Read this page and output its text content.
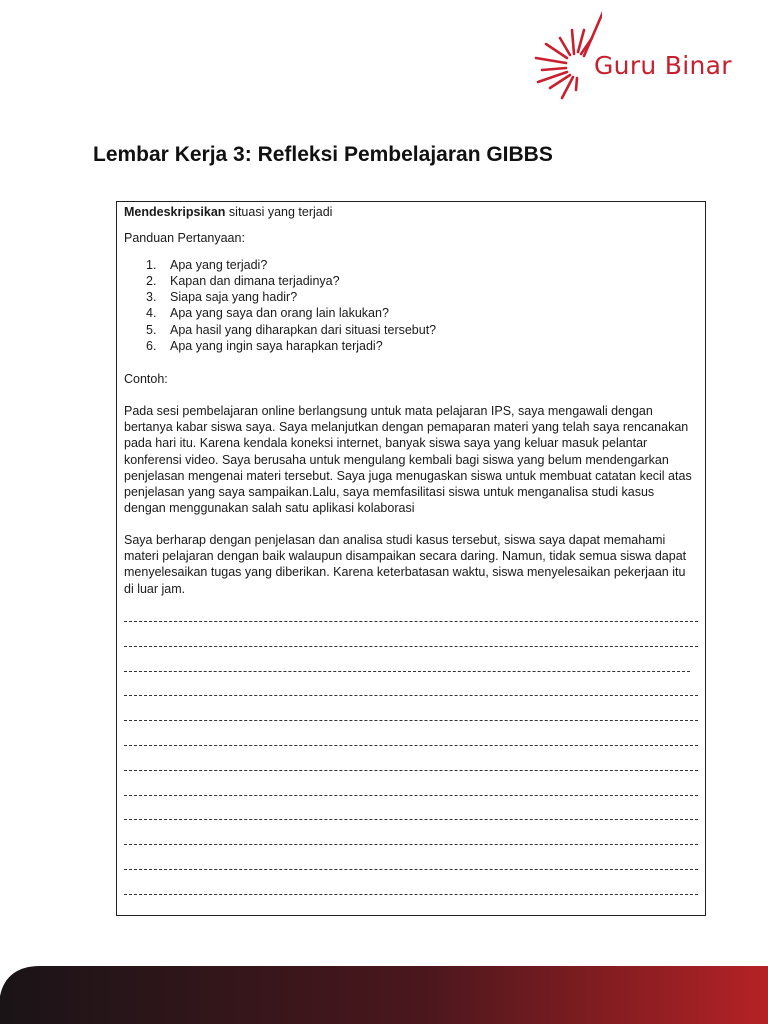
Guru Binar
Lembar Kerja 3: Refleksi Pembelajaran GIBBS

Mendeskripsikan situasi yang terjadi

Panduan Pertanyaan:

1. Apa yang terjadi?
2. Kapan dan dimana terjadinya?
3. Siapa saja yang hadir?
4. Apa yang saya dan orang lain lakukan?
5. Apa hasil yang diharapkan dari situasi tersebut?
6. Apa yang ingin saya harapkan terjadi?

Contoh:

Pada sesi pembelajaran online berlangsung untuk mata pelajaran IPS, saya mengawali dengan bertanya kabar siswa saya. Saya melanjutkan dengan pemaparan materi yang telah saya rencanakan pada hari itu. Karena kendala koneksi internet, banyak siswa saya yang keluar masuk pelantar konferensi video. Saya berusaha untuk mengulang kembali bagi siswa yang belum mendengarkan penjelasan mengenai materi tersebut. Saya juga menugaskan siswa untuk membuat catatan kecil atas penjelasan yang saya sampaikan.Lalu, saya memfasilitasi siswa untuk menganalisa studi kasus dengan menggunakan salah satu aplikasi kolaborasi

Saya berharap dengan penjelasan dan analisa studi kasus tersebut, siswa saya dapat memahami materi pelajaran dengan baik walaupun disampaikan secara daring. Namun, tidak semua siswa dapat menyelesaikan tugas yang diberikan. Karena keterbatasan waktu, siswa menyelesaikan pekerjaan itu di luar jam.
